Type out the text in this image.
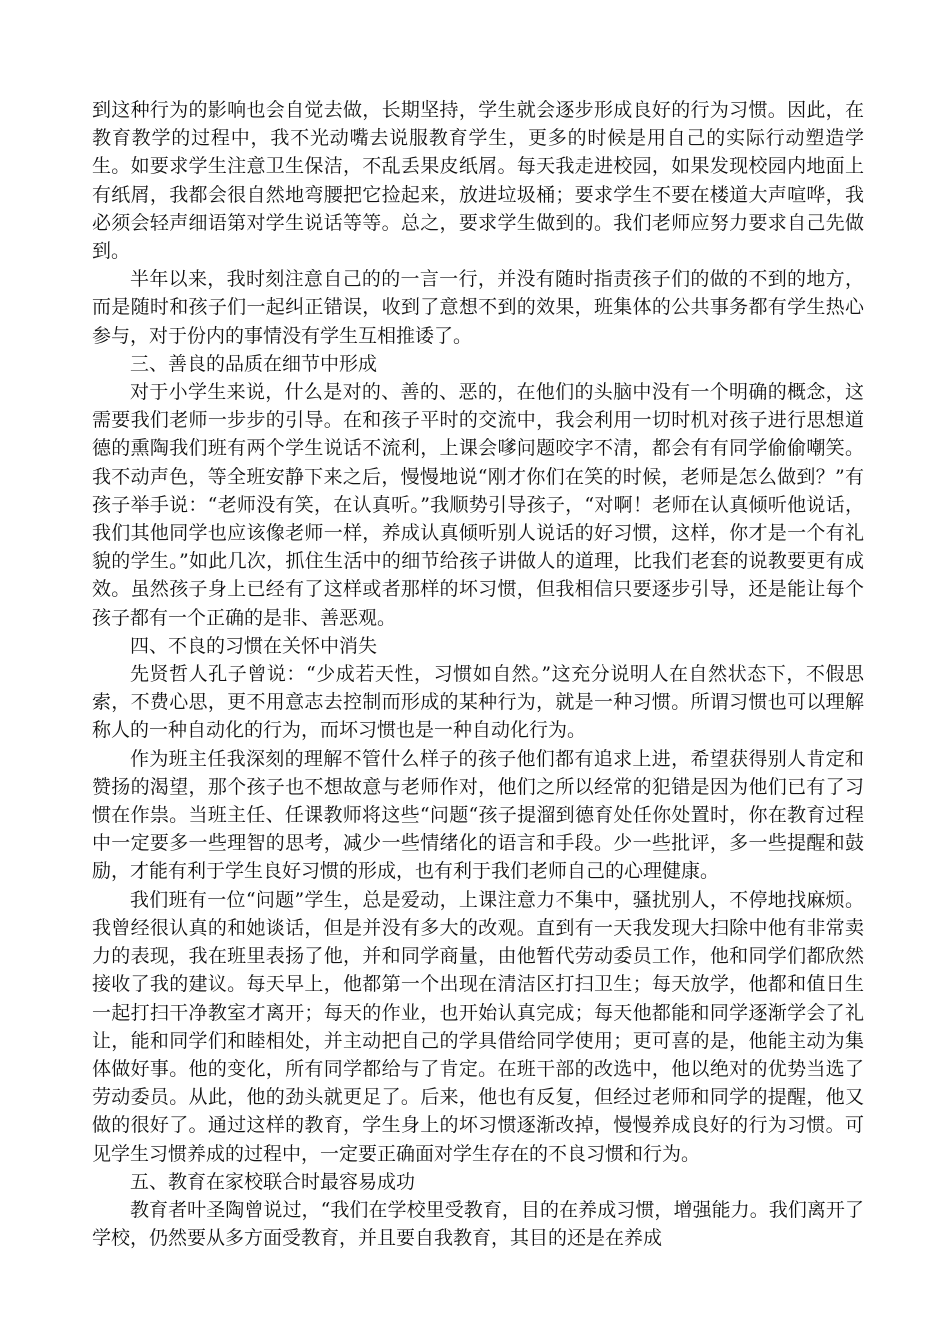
到这种行为的影响也会自觉去做，长期坚持，学生就会逐步形成良好的行为习惯。因此，在教育教学的过程中，我不光动嘴去说服教育学生，更多的时候是用自己的实际行动塑造学生。如要求学生注意卫生保洁，不乱丢果皮纸屑。每天我走进校园，如果发现校园内地面上有纸屑，我都会很自然地弯腰把它捡起来，放进垃圾桶；要求学生不要在楼道大声喧哗，我必须会轻声细语第对学生说话等等。总之，要求学生做到的。我们老师应努力要求自己先做到。

半年以来，我时刻注意自己的的一言一行，并没有随时指责孩子们的做的不到的地方，而是随时和孩子们一起纠正错误，收到了意想不到的效果，班集体的公共事务都有学生热心参与，对于份内的事情没有学生互相推诿了。

三、善良的品质在细节中形成

对于小学生来说，什么是对的、善的、恶的，在他们的头脑中没有一个明确的概念，这需要我们老师一步步的引导。在和孩子平时的交流中，我会利用一切时机对孩子进行思想道德的熏陶我们班有两个学生说话不流利，上课会嗲问题咬字不清，都会有有同学偷偷嘲笑。我不动声色，等全班安静下来之后，慢慢地说“刚才你们在笑的时候，老师是怎么做到？”有孩子举手说：“老师没有笑，在认真听。”我顺势引导孩子，“对啊！老师在认真倾听他说话，我们其他同学也应该像老师一样，养成认真倾听别人说话的好习惯，这样，你才是一个有礼貌的学生。”如此几次，抓住生活中的细节给孩子讲做人的道理，比我们老套的说教要更有成效。虽然孩子身上已经有了这样或者那样的坏习惯，但我相信只要逐步引导，还是能让每个孩子都有一个正确的是非、善恶观。

四、不良的习惯在关怀中消失

先贤哲人孔子曾说：“少成若天性，习惯如自然。”这充分说明人在自然状态下，不假思索，不费心思，更不用意志去控制而形成的某种行为，就是一种习惯。所谓习惯也可以理解称人的一种自动化的行为，而坏习惯也是一种自动化行为。

作为班主任我深刻的理解不管什么样子的孩子他们都有追求上进，希望获得别人肯定和赞扬的渴望，那个孩子也不想故意与老师作对，他们之所以经常的犯错是因为他们已有了习惯在作祟。当班主任、任课教师将这些“问题“孩子提溜到德育处任你处置时，你在教育过程中一定要多一些理智的思考，减少一些情绪化的语言和手段。少一些批评，多一些提醒和鼓励，才能有利于学生良好习惯的形成，也有利于我们老师自己的心理健康。

我们班有一位“问题”学生，总是爱动，上课注意力不集中，骚扰别人，不停地找麻烦。我曾经很认真的和她谈话，但是并没有多大的改观。直到有一天我发现大扫除中他有非常卖力的表现，我在班里表扬了他，并和同学商量，由他暂代劳动委员工作，他和同学们都欣然接收了我的建议。每天早上，他都第一个出现在清洁区打扫卫生；每天放学，他都和值日生一起打扫干净教室才离开；每天的作业，也开始认真完成；每天他都能和同学逐渐学会了礼让，能和同学们和睦相处，并主动把自己的学具借给同学使用；更可喜的是，他能主动为集体做好事。他的变化，所有同学都给与了肯定。在班干部的改选中，他以绝对的优势当选了劳动委员。从此，他的劲头就更足了。后来，他也有反复，但经过老师和同学的提醒，他又做的很好了。通过这样的教育，学生身上的坏习惯逐渐改掉，慢慢养成良好的行为习惯。可见学生习惯养成的过程中，一定要正确面对学生存在的不良习惯和行为。

五、教育在家校联合时最容易成功

教育者叶圣陶曾说过，“我们在学校里受教育，目的在养成习惯，增强能力。我们离开了学校，仍然要从多方面受教育，并且要自我教育，其目的还是在养成
